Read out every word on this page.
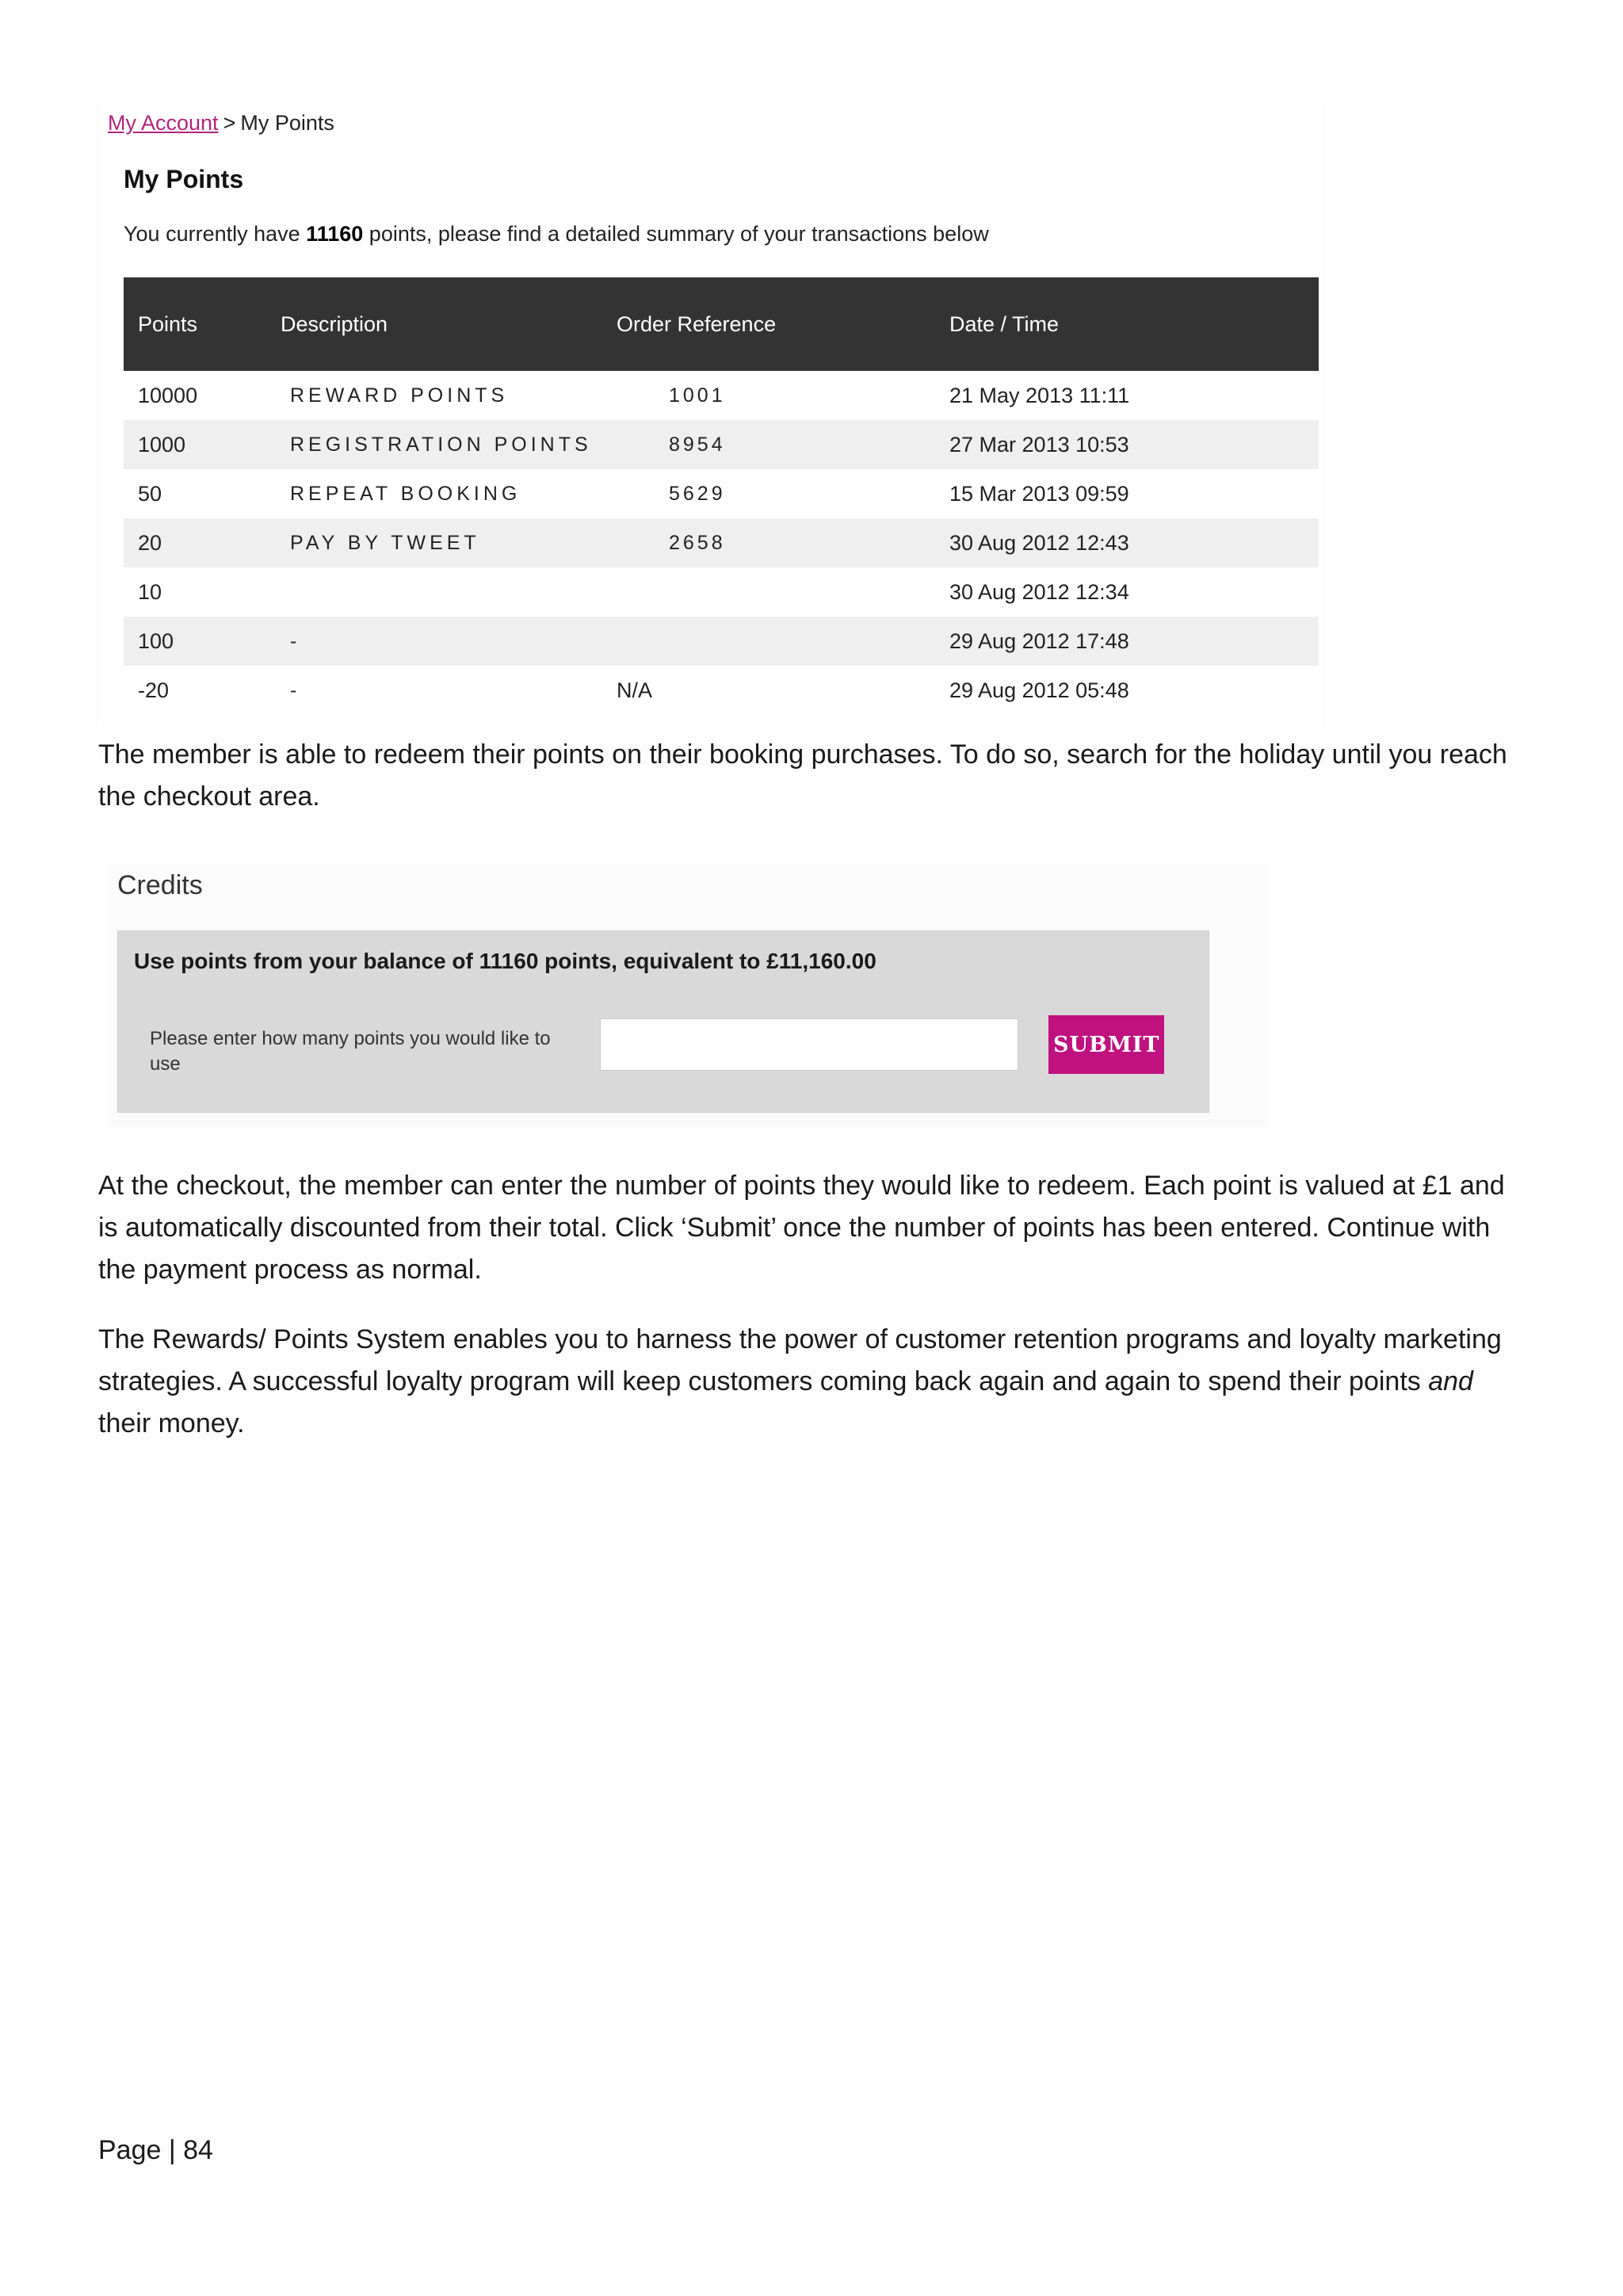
My Account > My Points
My Points
You currently have 11160 points, please find a detailed summary of your transactions below
Points	Description	Order Reference	Date / Time
10000	REWARD POINTS	1001	21 May 2013 11:11
1000	REGISTRATION POINTS	8954	27 Mar 2013 10:53
50	REPEAT BOOKING	5629	15 Mar 2013 09:59
20	PAY BY TWEET	2658	30 Aug 2012 12:43
10			30 Aug 2012 12:34
100	-		29 Aug 2012 17:48
-20	-	N/A	29 Aug 2012 05:48

The member is able to redeem their points on their booking purchases. To do so, search for the holiday until you reach the checkout area.

Credits
Use points from your balance of 11160 points, equivalent to £11,160.00
Please enter how many points you would like to use
SUBMIT

At the checkout, the member can enter the number of points they would like to redeem. Each point is valued at £1 and is automatically discounted from their total. Click ‘Submit’ once the number of points has been entered. Continue with the payment process as normal.

The Rewards/ Points System enables you to harness the power of customer retention programs and loyalty marketing strategies. A successful loyalty program will keep customers coming back again and again to spend their points and their money.

Page | 84
